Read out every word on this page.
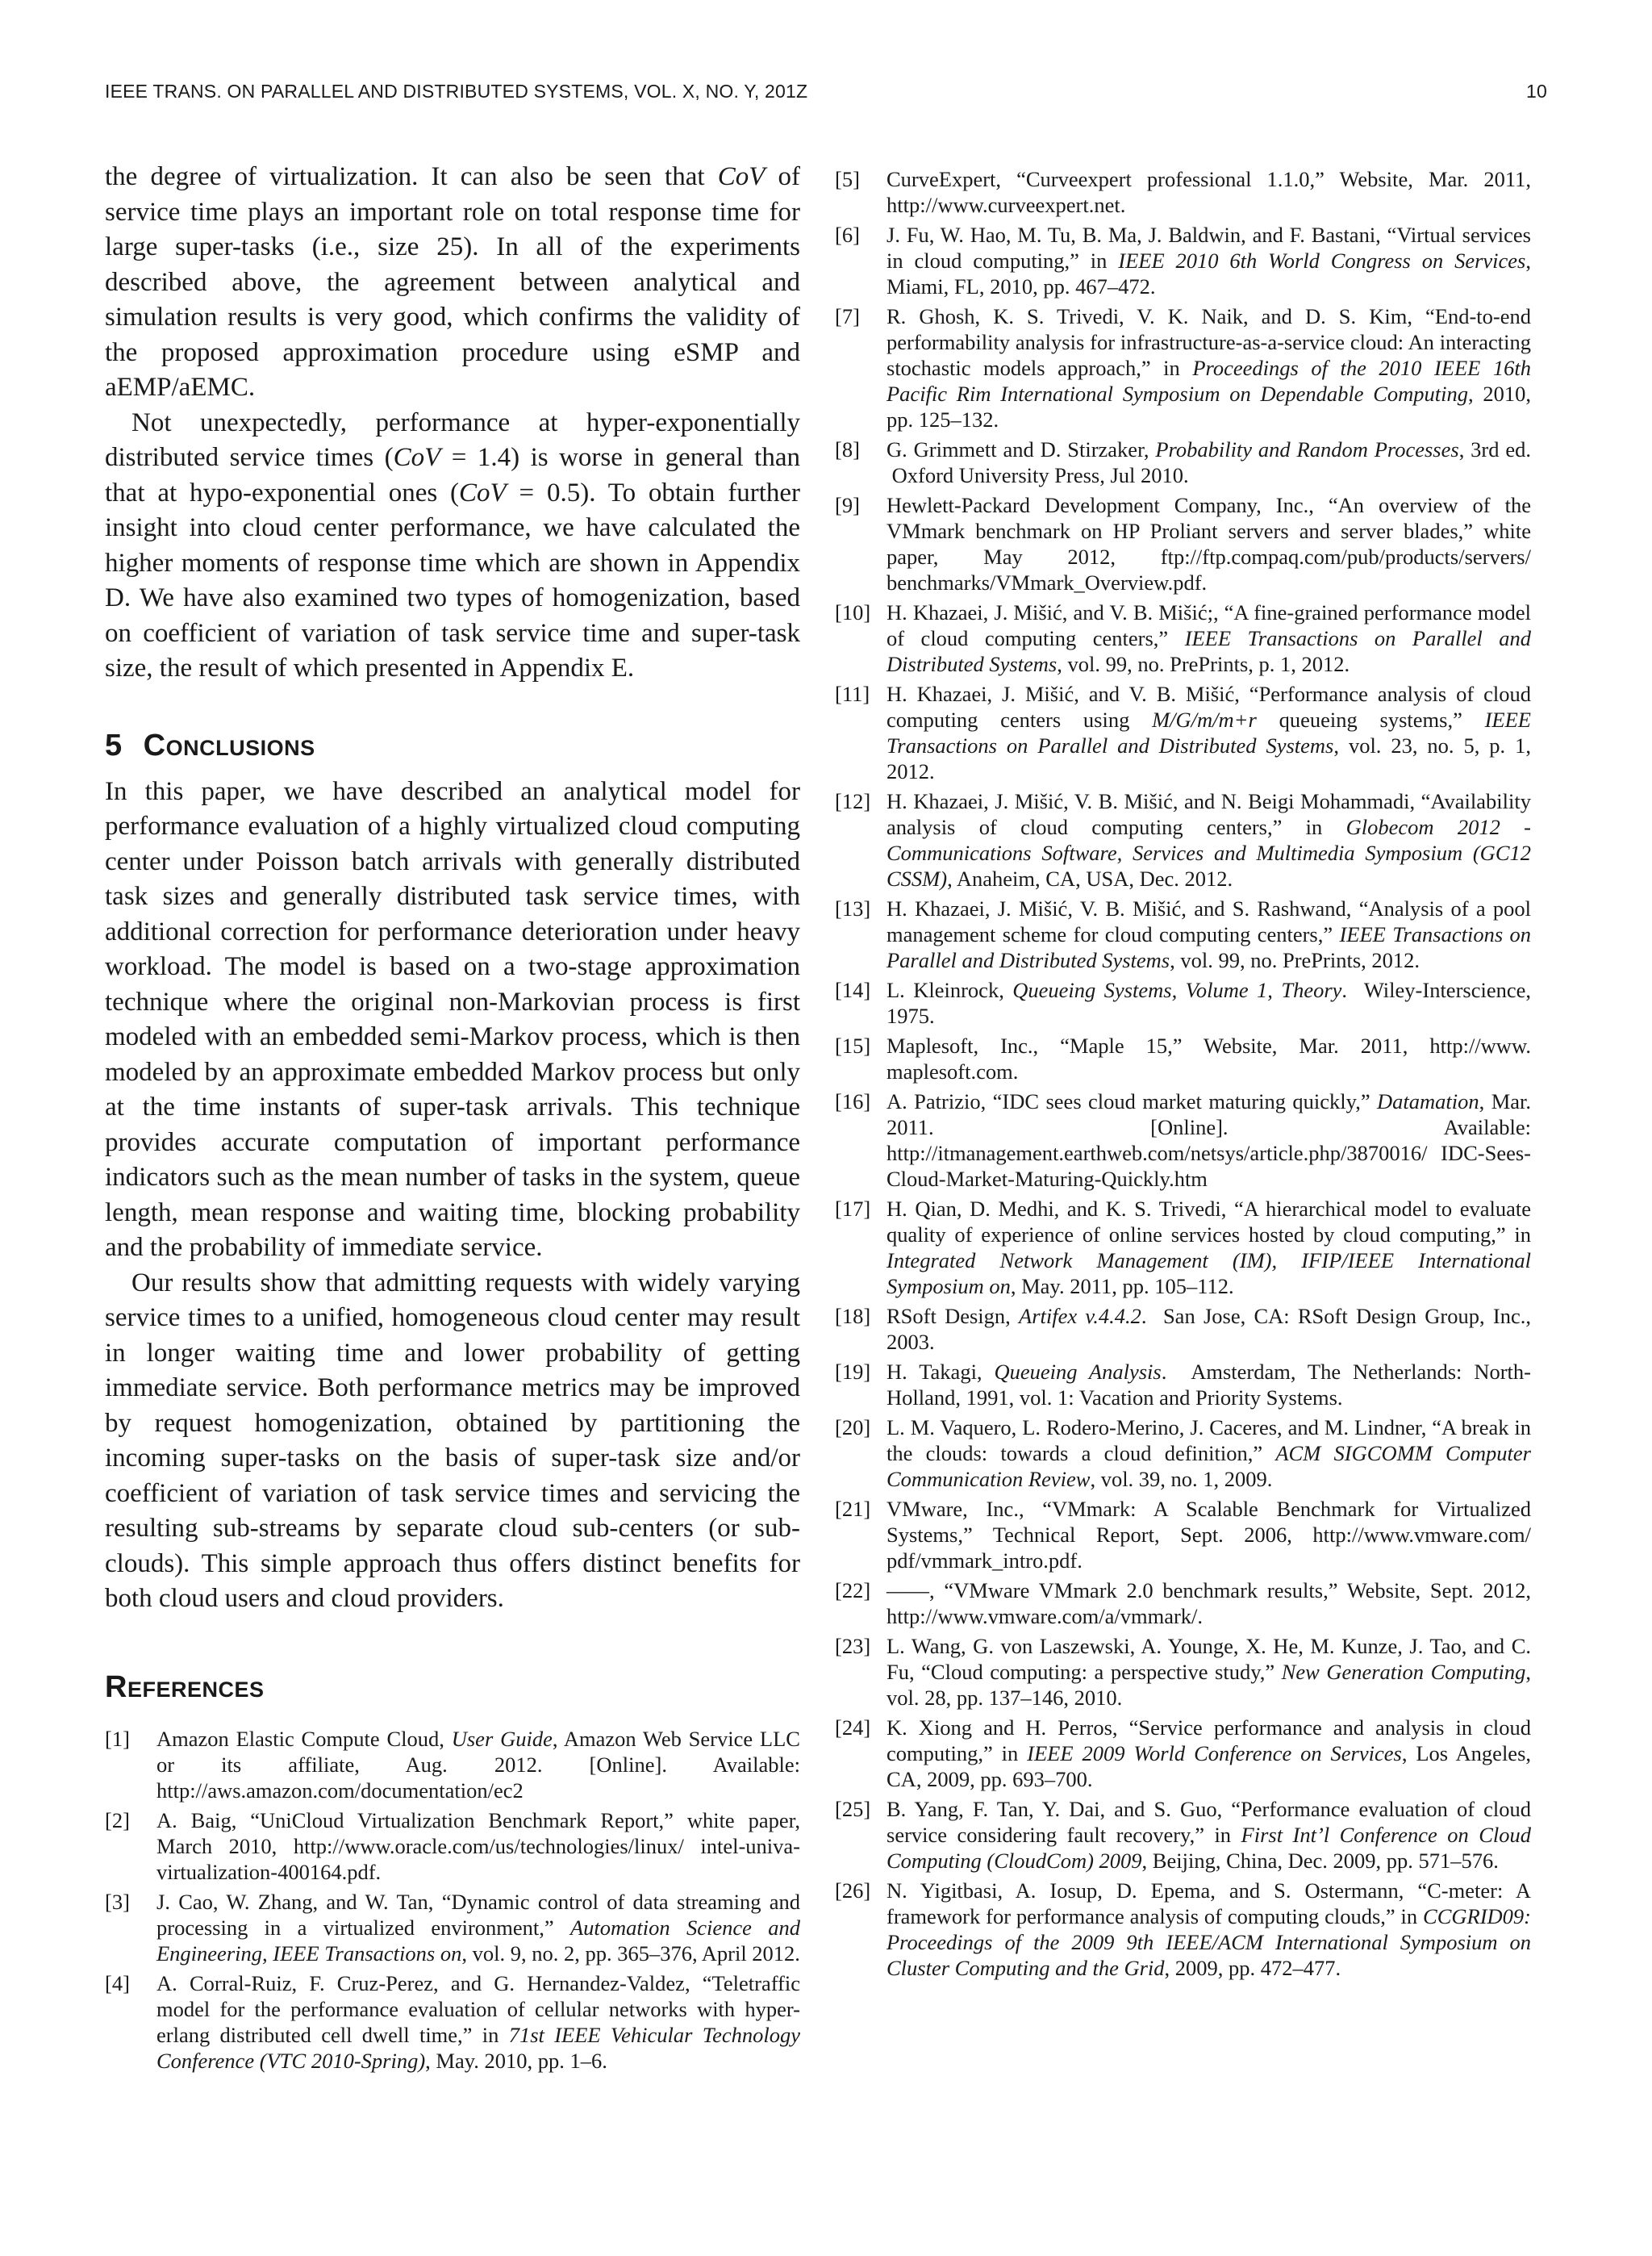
IEEE TRANS. ON PARALLEL AND DISTRIBUTED SYSTEMS, VOL. X, NO. Y, 201Z	10

the degree of virtualization. It can also be seen that CoV of service time plays an important role on total response time for large super-tasks (i.e., size 25). In all of the experiments described above, the agreement between analytical and simulation results is very good, which confirms the validity of the proposed approximation procedure using eSMP and aEMP/aEMC.

Not unexpectedly, performance at hyper-exponentially distributed service times (CoV = 1.4) is worse in general than that at hypo-exponential ones (CoV = 0.5). To obtain further insight into cloud center performance, we have calculated the higher moments of response time which are shown in Appendix D. We have also examined two types of homogenization, based on coefficient of variation of task service time and super-task size, the result of which presented in Appendix E.

5 Conclusions

In this paper, we have described an analytical model for performance evaluation of a highly virtualized cloud computing center under Poisson batch arrivals with generally distributed task sizes and generally distributed task service times, with additional correction for performance deterioration under heavy workload. The model is based on a two-stage approximation technique where the original non-Markovian process is first modeled with an embedded semi-Markov process, which is then modeled by an approximate embedded Markov process but only at the time instants of super-task arrivals. This technique provides accurate computation of important performance indicators such as the mean number of tasks in the system, queue length, mean response and waiting time, blocking probability and the probability of immediate service.

Our results show that admitting requests with widely varying service times to a unified, homogeneous cloud center may result in longer waiting time and lower probability of getting immediate service. Both performance metrics may be improved by request homogenization, obtained by partitioning the incoming super-tasks on the basis of super-task size and/or coefficient of variation of task service times and servicing the resulting sub-streams by separate cloud sub-centers (or sub-clouds). This simple approach thus offers distinct benefits for both cloud users and cloud providers.

References
[1]	Amazon Elastic Compute Cloud, User Guide, Amazon Web Service LLC or its affiliate, Aug. 2012. [Online]. Available: http://aws.amazon.com/documentation/ec2
[2]	A. Baig, “UniCloud Virtualization Benchmark Report,” white paper, March 2010, http://www.oracle.com/us/technologies/linux/ intel-univa-virtualization-400164.pdf.
[3]	J. Cao, W. Zhang, and W. Tan, “Dynamic control of data streaming and processing in a virtualized environment,” Automation Science and Engineering, IEEE Transactions on, vol. 9, no. 2, pp. 365–376, April 2012.
[4]	A. Corral-Ruiz, F. Cruz-Perez, and G. Hernandez-Valdez, “Teletraffic model for the performance evaluation of cellular networks with hyper-erlang distributed cell dwell time,” in 71st IEEE Vehicular Technology Conference (VTC 2010-Spring), May. 2010, pp. 1–6.
[5]	CurveExpert, “Curveexpert professional 1.1.0,” Website, Mar. 2011, http://www.curveexpert.net.
[6]	J. Fu, W. Hao, M. Tu, B. Ma, J. Baldwin, and F. Bastani, “Virtual services in cloud computing,” in IEEE 2010 6th World Congress on Services, Miami, FL, 2010, pp. 467–472.
[7]	R. Ghosh, K. S. Trivedi, V. K. Naik, and D. S. Kim, “End-to-end performability analysis for infrastructure-as-a-service cloud: An interacting stochastic models approach,” in Proceedings of the 2010 IEEE 16th Pacific Rim International Symposium on Dependable Computing, 2010, pp. 125–132.
[8]	G. Grimmett and D. Stirzaker, Probability and Random Processes, 3rd ed.  Oxford University Press, Jul 2010.
[9]	Hewlett-Packard Development Company, Inc., “An overview of the VMmark benchmark on HP Proliant servers and server blades,” white paper, May 2012, ftp://ftp.compaq.com/pub/products/servers/ benchmarks/VMmark_Overview.pdf.
[10] H. Khazaei, J. Mišić, and V. B. Mišić;, “A fine-grained performance model of cloud computing centers,” IEEE Transactions on Parallel and Distributed Systems, vol. 99, no. PrePrints, p. 1, 2012.
[11] H. Khazaei, J. Mišić, and V. B. Mišić, “Performance analysis of cloud computing centers using M/G/m/m+r queueing systems,” IEEE Transactions on Parallel and Distributed Systems, vol. 23, no. 5, p. 1, 2012.
[12] H. Khazaei, J. Mišić, V. B. Mišić, and N. Beigi Mohammadi, “Availability analysis of cloud computing centers,” in Globecom 2012 - Communications Software, Services and Multimedia Symposium (GC12 CSSM), Anaheim, CA, USA, Dec. 2012.
[13] H. Khazaei, J. Mišić, V. B. Mišić, and S. Rashwand, “Analysis of a pool management scheme for cloud computing centers,” IEEE Transactions on Parallel and Distributed Systems, vol. 99, no. PrePrints, 2012.
[14] L. Kleinrock, Queueing Systems, Volume 1, Theory.  Wiley-Interscience, 1975.
[15] Maplesoft, Inc., “Maple 15,” Website, Mar. 2011, http://www. maplesoft.com.
[16] A. Patrizio, “IDC sees cloud market maturing quickly,” Datamation, Mar. 2011. [Online]. Available: http://itmanagement.earthweb.com/netsys/article.php/3870016/ IDC-Sees-Cloud-Market-Maturing-Quickly.htm
[17] H. Qian, D. Medhi, and K. S. Trivedi, “A hierarchical model to evaluate quality of experience of online services hosted by cloud computing,” in Integrated Network Management (IM), IFIP/IEEE International Symposium on, May. 2011, pp. 105–112.
[18] RSoft Design, Artifex v.4.4.2.  San Jose, CA: RSoft Design Group, Inc., 2003.
[19] H. Takagi, Queueing Analysis.  Amsterdam, The Netherlands: North-Holland, 1991, vol. 1: Vacation and Priority Systems.
[20] L. M. Vaquero, L. Rodero-Merino, J. Caceres, and M. Lindner, “A break in the clouds: towards a cloud definition,” ACM SIGCOMM Computer Communication Review, vol. 39, no. 1, 2009.
[21] VMware, Inc., “VMmark: A Scalable Benchmark for Virtualized Systems,” Technical Report, Sept. 2006, http://www.vmware.com/ pdf/vmmark_intro.pdf.
[22] ——, “VMware VMmark 2.0 benchmark results,” Website, Sept. 2012, http://www.vmware.com/a/vmmark/.
[23] L. Wang, G. von Laszewski, A. Younge, X. He, M. Kunze, J. Tao, and C. Fu, “Cloud computing: a perspective study,” New Generation Computing, vol. 28, pp. 137–146, 2010.
[24] K. Xiong and H. Perros, “Service performance and analysis in cloud computing,” in IEEE 2009 World Conference on Services, Los Angeles, CA, 2009, pp. 693–700.
[25] B. Yang, F. Tan, Y. Dai, and S. Guo, “Performance evaluation of cloud service considering fault recovery,” in First Int’l Conference on Cloud Computing (CloudCom) 2009, Beijing, China, Dec. 2009, pp. 571–576.
[26] N. Yigitbasi, A. Iosup, D. Epema, and S. Ostermann, “C-meter: A framework for performance analysis of computing clouds,” in CCGRID09: Proceedings of the 2009 9th IEEE/ACM International Symposium on Cluster Computing and the Grid, 2009, pp. 472–477.
